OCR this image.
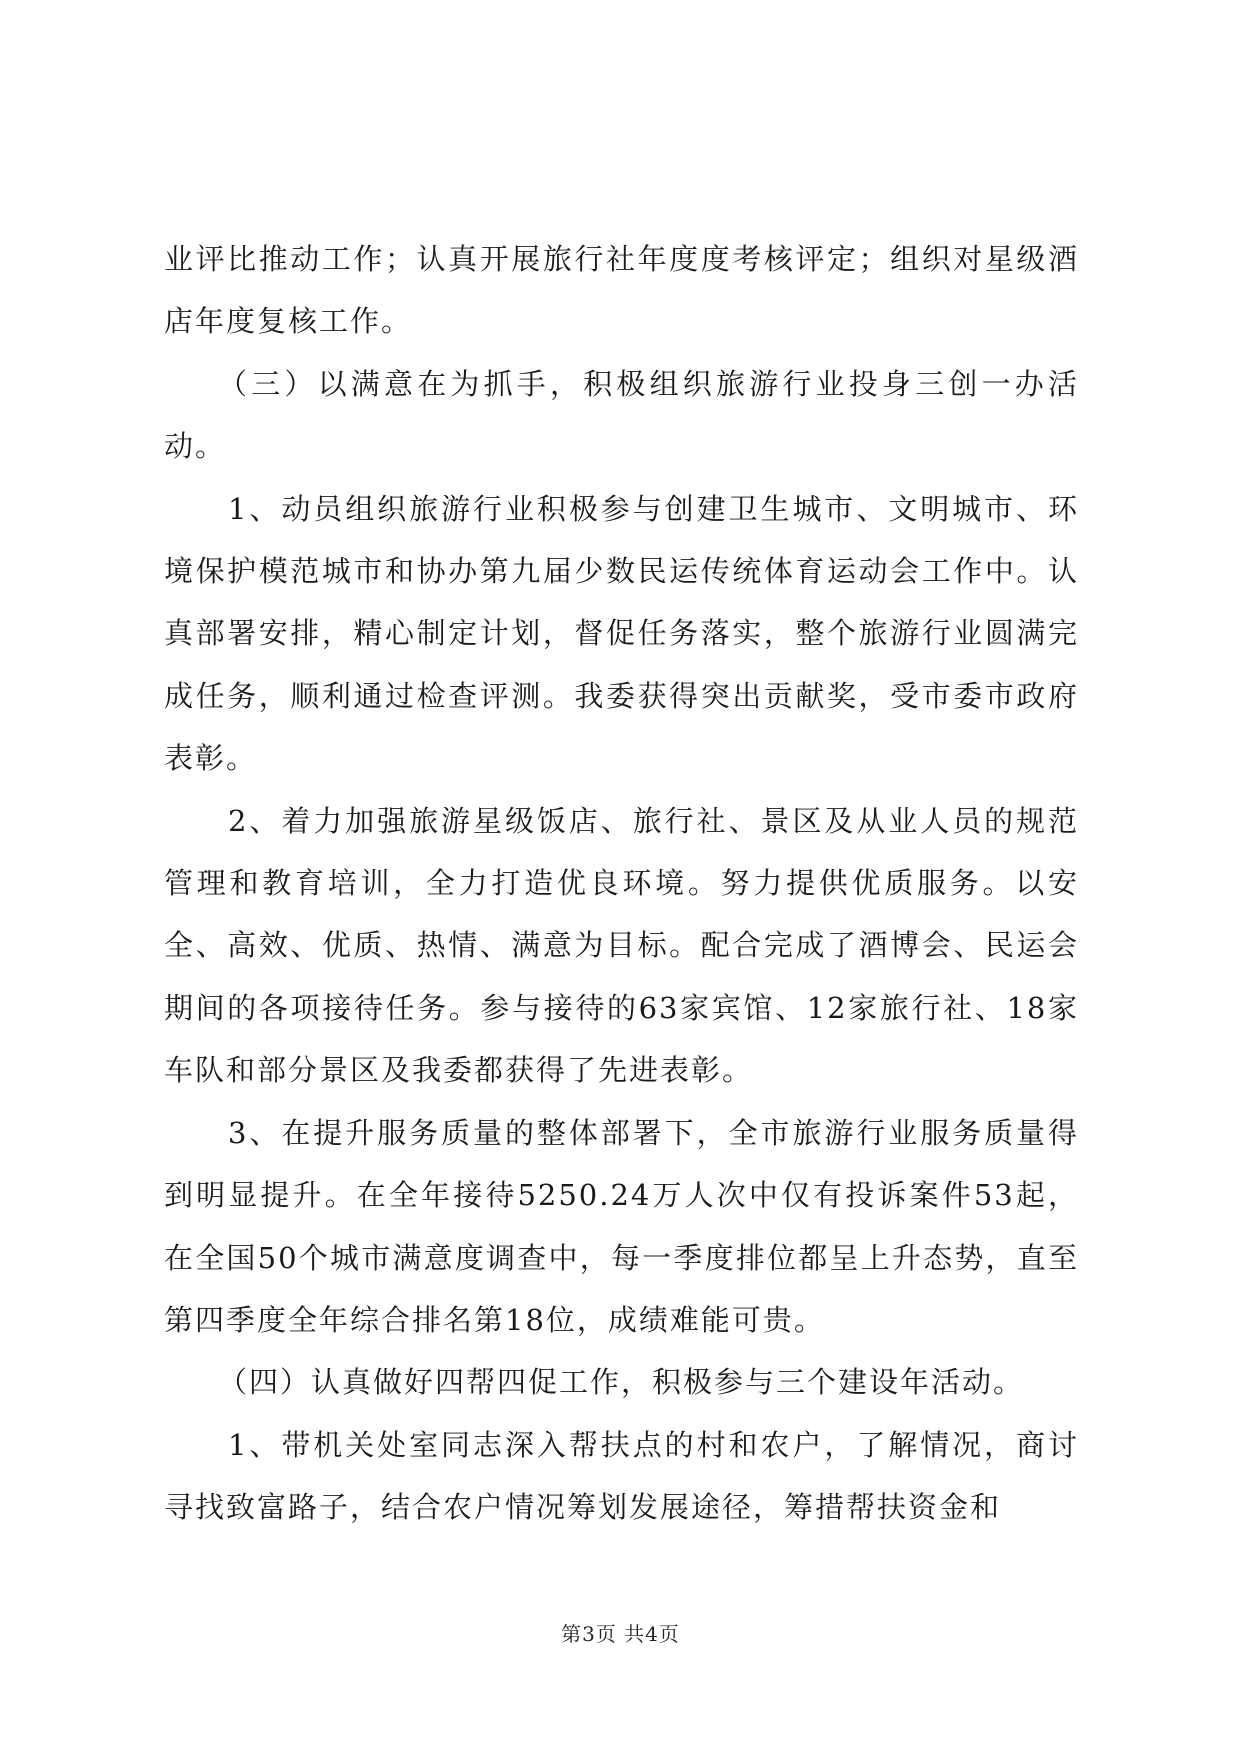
业评比推动工作；认真开展旅行社年度度考核评定；组织对星级酒店年度复核工作。

（三）以满意在为抓手，积极组织旅游行业投身三创一办活动。

1、动员组织旅游行业积极参与创建卫生城市、文明城市、环境保护模范城市和协办第九届少数民运传统体育运动会工作中。认真部署安排，精心制定计划，督促任务落实，整个旅游行业圆满完成任务，顺利通过检查评测。我委获得突出贡献奖，受市委市政府表彰。

2、着力加强旅游星级饭店、旅行社、景区及从业人员的规范管理和教育培训，全力打造优良环境。努力提供优质服务。以安全、高效、优质、热情、满意为目标。配合完成了酒博会、民运会期间的各项接待任务。参与接待的63家宾馆、12家旅行社、18家车队和部分景区及我委都获得了先进表彰。

3、在提升服务质量的整体部署下，全市旅游行业服务质量得到明显提升。在全年接待5250.24万人次中仅有投诉案件53起，在全国50个城市满意度调查中，每一季度排位都呈上升态势，直至第四季度全年综合排名第18位，成绩难能可贵。

（四）认真做好四帮四促工作，积极参与三个建设年活动。

1、带机关处室同志深入帮扶点的村和农户，了解情况，商讨寻找致富路子，结合农户情况筹划发展途径，筹措帮扶资金和

第3页 共4页
